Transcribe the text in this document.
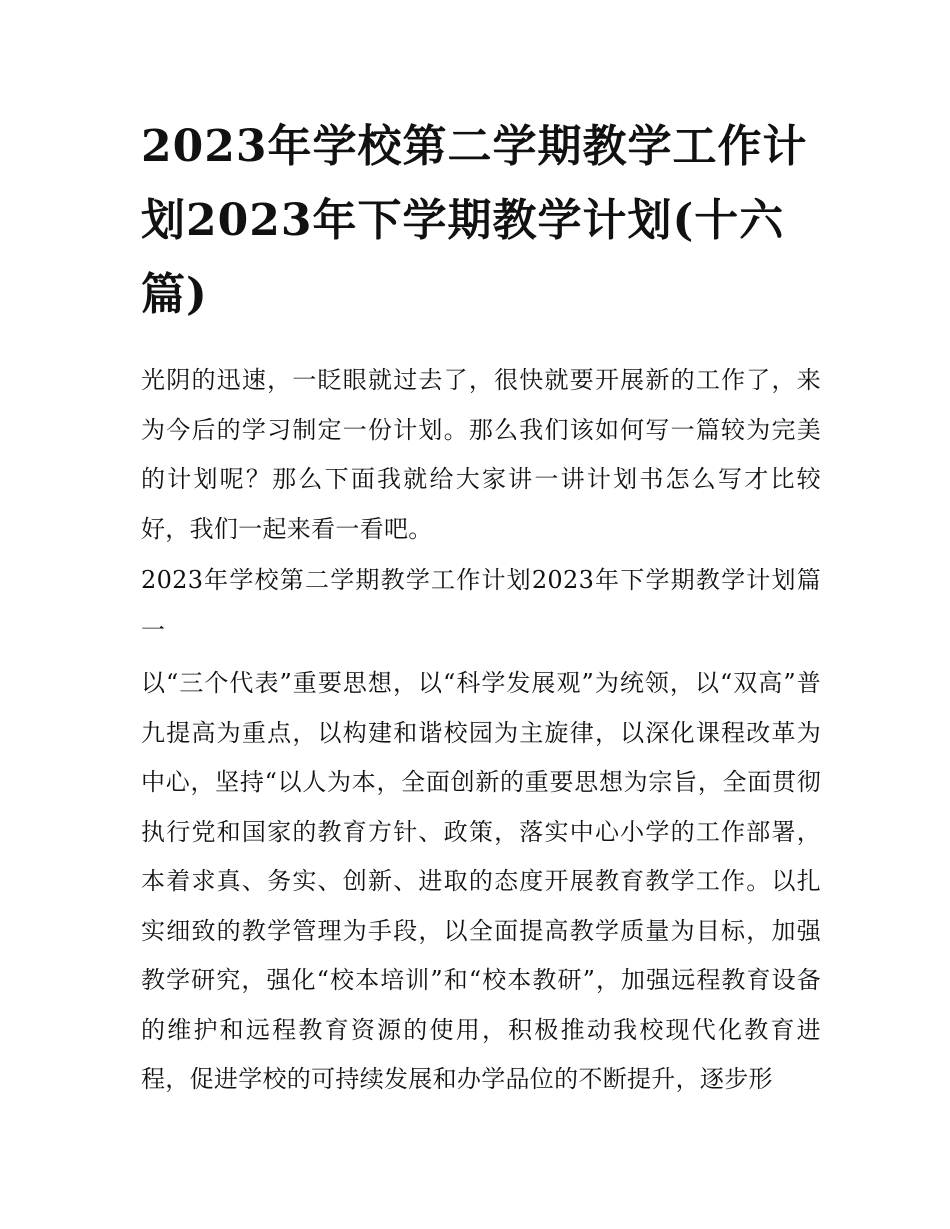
2023年学校第二学期教学工作计划2023年下学期教学计划(十六篇)

光阴的迅速，一眨眼就过去了，很快就要开展新的工作了，来为今后的学习制定一份计划。那么我们该如何写一篇较为完美的计划呢？那么下面我就给大家讲一讲计划书怎么写才比较好，我们一起来看一看吧。

2023年学校第二学期教学工作计划2023年下学期教学计划篇一

以“三个代表”重要思想，以“科学发展观”为统领，以“双高”普九提高为重点，以构建和谐校园为主旋律，以深化课程改革为中心，坚持“以人为本，全面创新的重要思想为宗旨，全面贯彻执行党和国家的教育方针、政策，落实中心小学的工作部署，本着求真、务实、创新、进取的态度开展教育教学工作。以扎实细致的教学管理为手段，以全面提高教学质量为目标，加强教学研究，强化“校本培训”和“校本教研”，加强远程教育设备的维护和远程教育资源的使用，积极推动我校现代化教育进程，促进学校的可持续发展和办学品位的不断提升，逐步形
